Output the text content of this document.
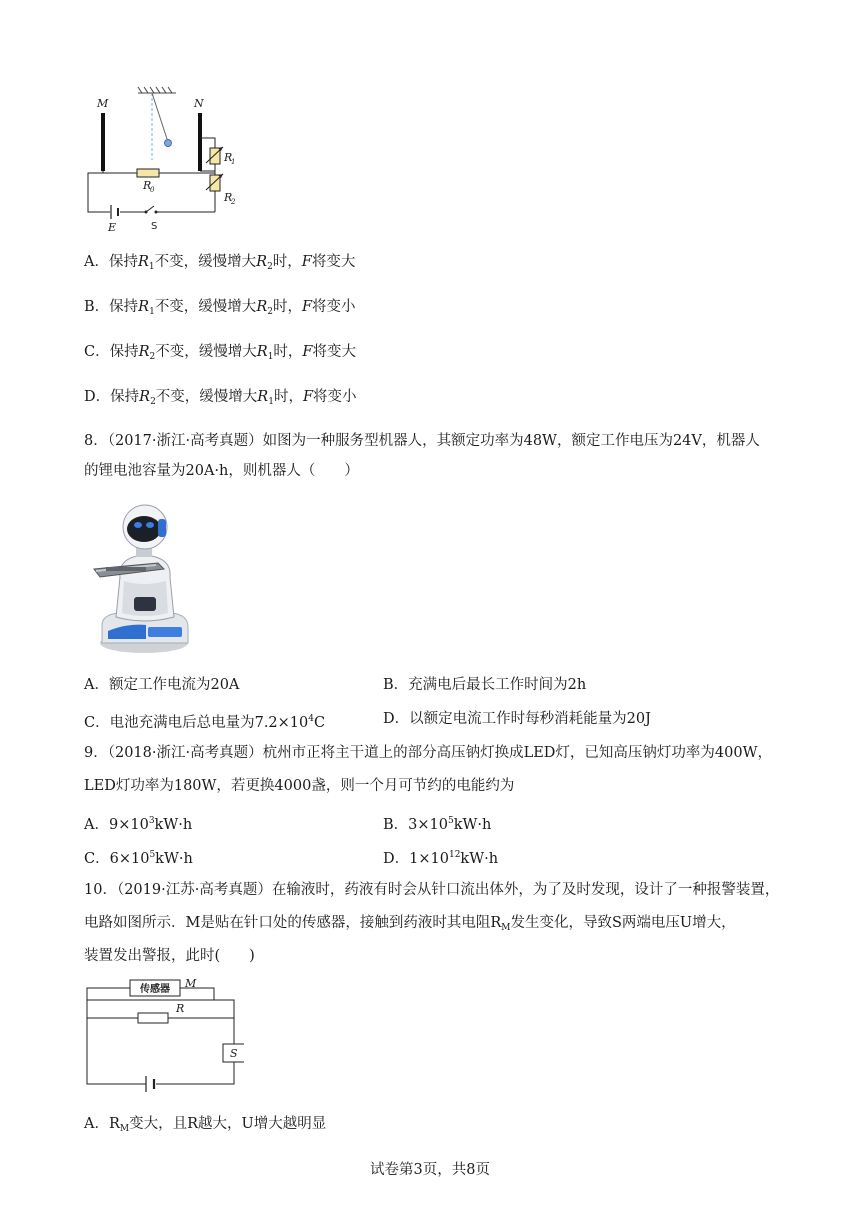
M	N
R
1
R
0
R
2
E	S
A．保持$R_1$不变，缓慢增大$R_2$时，F将变大
B．保持$R_1$不变，缓慢增大$R_2$时，F将变小
C．保持$R_2$不变，缓慢增大$R_1$时，F将变大
D．保持$R_2$不变，缓慢增大$R_1$时，F将变小
8．（2017·浙江·高考真题）如图为一种服务型机器人，其额定功率为48W，额定工作电压为24V，机器人
的锂电池容量为20A·h，则机器人（　　）
A．额定工作电流为20A	B．充满电后最长工作时间为2h
C．电池充满电后总电量为$7.2\times 10^4C$	D．以额定电流工作时每秒消耗能量为20J
9．（2018·浙江·高考真题）杭州市正将主干道上的部分高压钠灯换成LED灯，已知高压钠灯功率为400W，
LED灯功率为180W，若更换4000盏，则一个月可节约的电能约为
A．$9\times 10^3kW\cdot h$	B．$3\times 10^5kW\cdot h$
C．$6\times 10^5kW\cdot h$	D．$1\times 10^{12}kW\cdot h$
10．（2019·江苏·高考真题）在输液时，药液有时会从针口流出体外，为了及时发现，设计了一种报警装置，
电路如图所示．M是贴在针口处的传感器，接触到药液时其电阻$R_M$发生变化，导致S两端电压U增大，
装置发出警报，此时(　　)
传感器 M
R
S
A．$R_M$变大，且R越大，U增大越明显
试卷第3页，共8页
